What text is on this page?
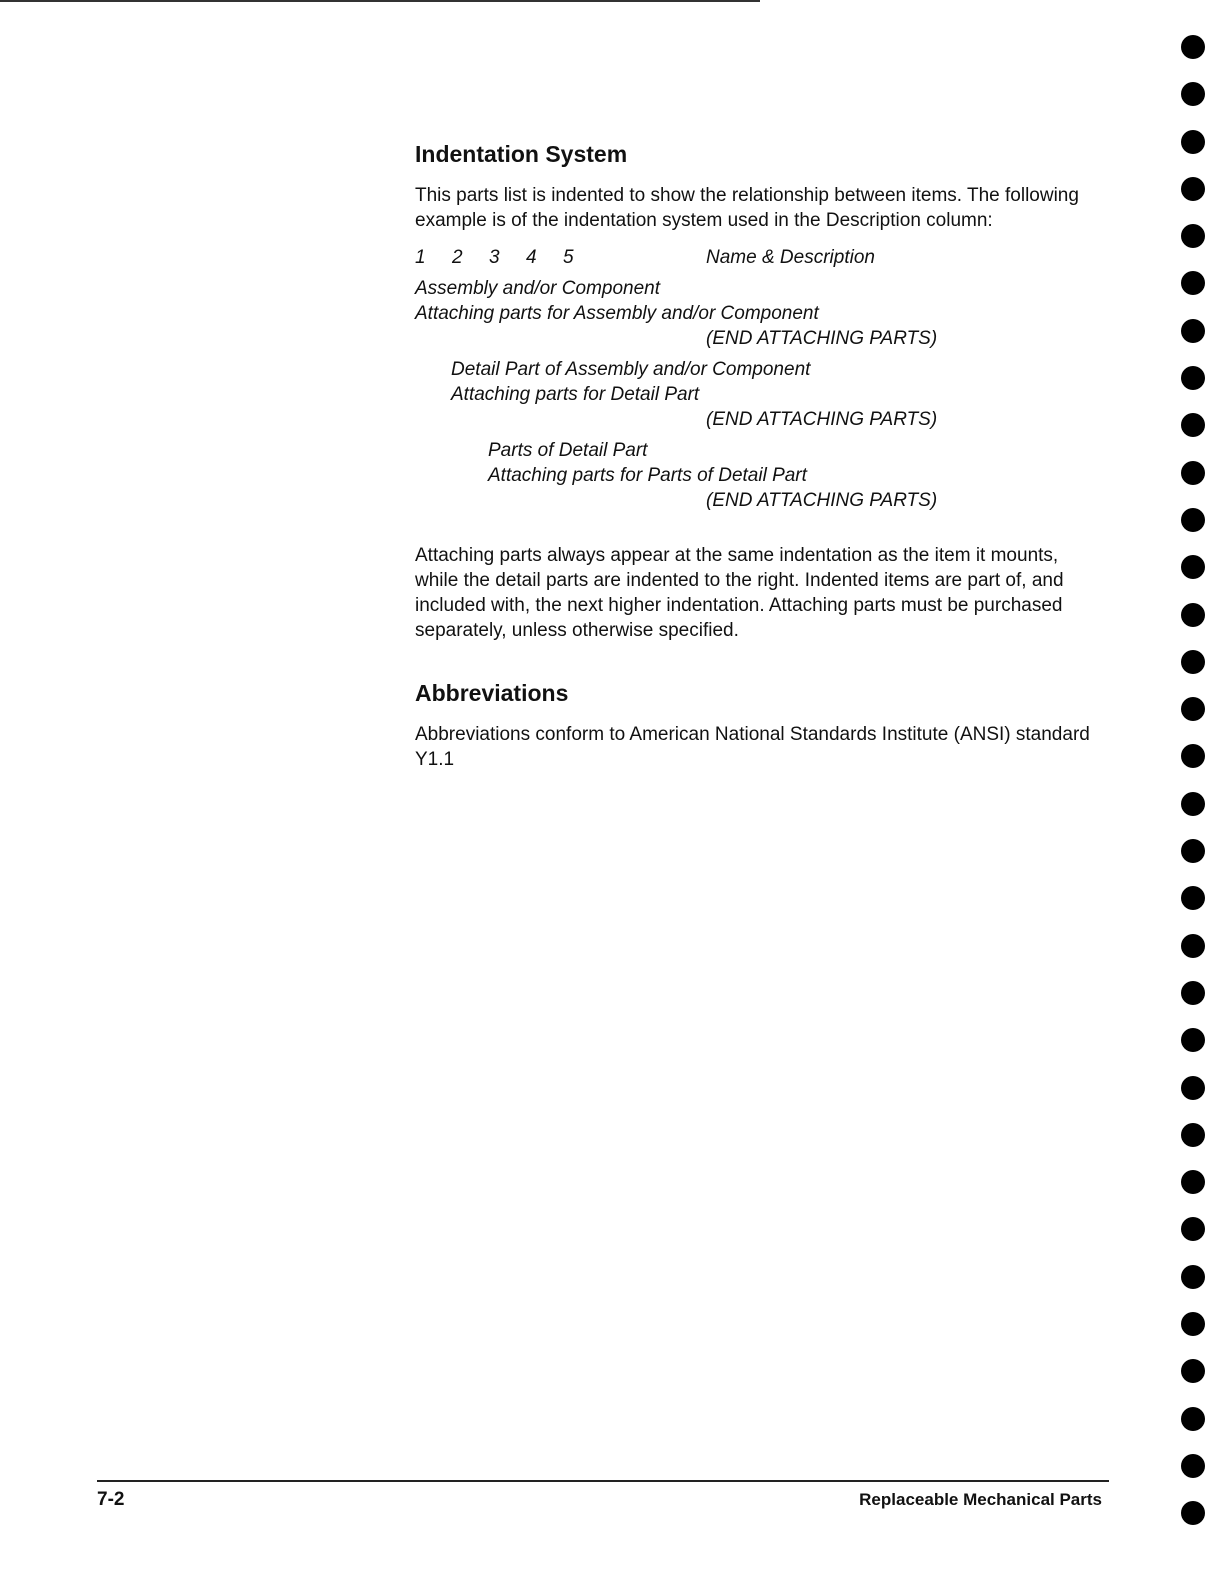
Indentation System

This parts list is indented to show the relationship between items. The following example is of the indentation system used in the Description column:

1 2 3 4 5	Name & Description
Assembly and/or Component
Attaching parts for Assembly and/or Component
(END ATTACHING PARTS)
Detail Part of Assembly and/or Component
Attaching parts for Detail Part
(END ATTACHING PARTS)
Parts of Detail Part
Attaching parts for Parts of Detail Part
(END ATTACHING PARTS)

Attaching parts always appear at the same indentation as the item it mounts, while the detail parts are indented to the right. Indented items are part of, and included with, the next higher indentation. Attaching parts must be purchased separately, unless otherwise specified.

Abbreviations

Abbreviations conform to American National Standards Institute (ANSI) standard Y1.1

7-2	Replaceable Mechanical Parts
